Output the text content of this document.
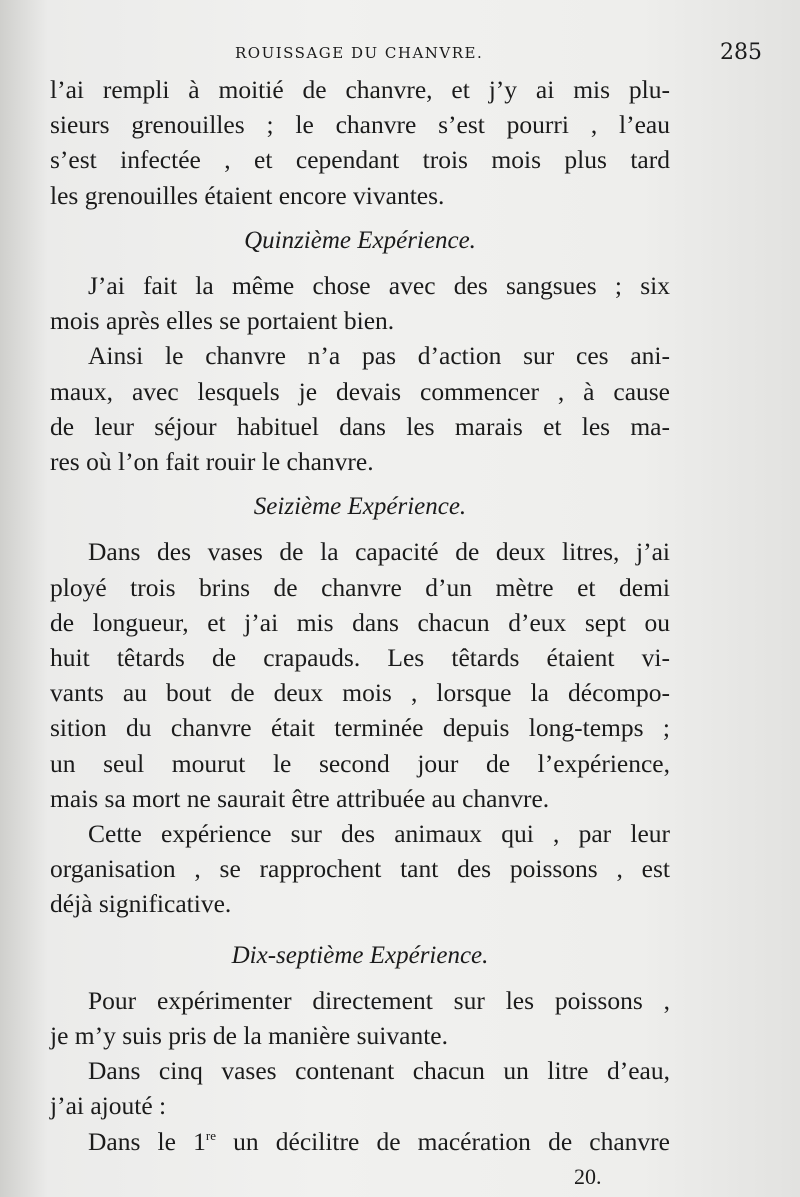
ROUISSAGE DU CHANVRE.	285
l’ai rempli à moitié de chanvre, et j’y ai mis plu-
sieurs grenouilles ; le chanvre s’est pourri , l’eau
s’est infectée , et cependant trois mois plus tard
les grenouilles étaient encore vivantes.
Quinzième Expérience.
J’ai fait la même chose avec des sangsues ; six
mois après elles se portaient bien.
Ainsi le chanvre n’a pas d’action sur ces ani-
maux, avec lesquels je devais commencer , à cause
de leur séjour habituel dans les marais et les ma-
res où l’on fait rouir le chanvre.
Seizième Expérience.
Dans des vases de la capacité de deux litres, j’ai
ployé trois brins de chanvre d’un mètre et demi
de longueur, et j’ai mis dans chacun d’eux sept ou
huit têtards de crapauds. Les têtards étaient vi-
vants au bout de deux mois , lorsque la décompo-
sition du chanvre était terminée depuis long-temps ;
un seul mourut le second jour de l’expérience,
mais sa mort ne saurait être attribuée au chanvre.
Cette expérience sur des animaux qui , par leur
organisation , se rapprochent tant des poissons , est
déjà significative.
Dix-septième Expérience.
Pour expérimenter directement sur les poissons ,
je m’y suis pris de la manière suivante.
Dans cinq vases contenant chacun un litre d’eau,
j’ai ajouté :
Dans le 1re un décilitre de macération de chanvre
20.
